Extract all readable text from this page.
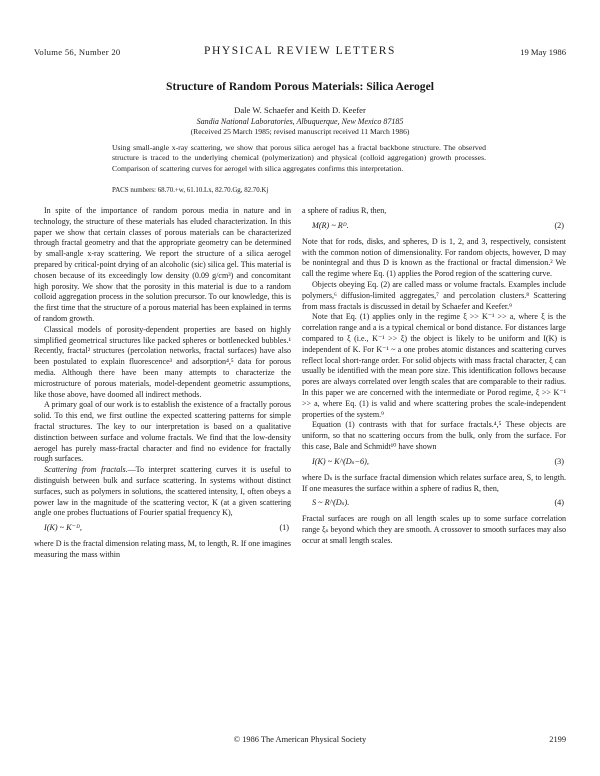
Volume 56, Number 20	PHYSICAL REVIEW LETTERS	19 May 1986
Structure of Random Porous Materials: Silica Aerogel
Dale W. Schaefer and Keith D. Keefer
Sandia National Laboratories, Albuquerque, New Mexico 87185
(Received 25 March 1985; revised manuscript received 11 March 1986)
Using small-angle x-ray scattering, we show that porous silica aerogel has a fractal backbone structure. The observed structure is traced to the underlying chemical (polymerization) and physical (colloid aggregation) growth processes. Comparison of scattering curves for aerogel with silica aggregates confirms this interpretation.
PACS numbers: 68.70.+w, 61.10.Lx, 82.70.Gg, 82.70.Kj

In spite of the importance of random porous media in nature and in technology, the structure of these materials has eluded characterization. In this paper we show that certain classes of porous materials can be characterized through fractal geometry and that the appropriate geometry can be determined by small-angle x-ray scattering. We report the structure of a silica aerogel prepared by critical-point drying of an alcoholic (sic) silica gel. This material is chosen because of its exceedingly low density (0.09 g/cm³) and concomitant high porosity. We show that the porosity in this material is due to a random colloid aggregation process in the solution precursor. To our knowledge, this is the first time that the structure of a porous material has been explained in terms of random growth.

Classical models of porosity-dependent properties are based on highly simplified geometrical structures like packed spheres or bottlenecked bubbles.¹ Recently, fractal² structures (percolation networks, fractal surfaces) have also been postulated to explain fluorescence³ and adsorption⁴,⁵ data for porous media. Although there have been many attempts to characterize the microstructure of porous materials, model-dependent geometric assumptions, like those above, have doomed all indirect methods.

A primary goal of our work is to establish the existence of a fractally porous solid. To this end, we first outline the expected scattering patterns for simple fractal structures. The key to our interpretation is based on a qualitative distinction between surface and volume fractals. We find that the low-density aerogel has purely mass-fractal character and find no evidence for fractally rough surfaces.

Scattering from fractals.—To interpret scattering curves it is useful to distinguish between bulk and surface scattering. In systems without distinct surfaces, such as polymers in solutions, the scattered intensity, I, often obeys a power law in the magnitude of the scattering vector, K (at a given scattering angle one probes fluctuations of Fourier spatial frequency K),

I(K) ~ K⁻ᴰ,	(1)

where D is the fractal dimension relating mass, M, to length, R. If one imagines measuring the mass within

a sphere of radius R, then,

M(R) ~ Rᴰ.	(2)

Note that for rods, disks, and spheres, D is 1, 2, and 3, respectively, consistent with the common notion of dimensionality. For random objects, however, D may be nonintegral and thus D is known as the fractional or fractal dimension.² We call the regime where Eq. (1) applies the Porod region of the scattering curve.

Objects obeying Eq. (2) are called mass or volume fractals. Examples include polymers,⁶ diffusion-limited aggregates,⁷ and percolation clusters.⁸ Scattering from mass fractals is discussed in detail by Schaefer and Keefer.⁹

Note that Eq. (1) applies only in the regime ξ >> K⁻¹ >> a, where ξ is the correlation range and a is a typical chemical or bond distance. For distances large compared to ξ (i.e., K⁻¹ >> ξ) the object is likely to be uniform and I(K) is independent of K. For K⁻¹ ~ a one probes atomic distances and scattering curves reflect local short-range order. For solid objects with mass fractal character, ξ can usually be identified with the mean pore size. This identification follows because pores are always correlated over length scales that are comparable to their radius. In this paper we are concerned with the intermediate or Porod regime, ξ >> K⁻¹ >> a, where Eq. (1) is valid and where scattering probes the scale-independent properties of the system.⁹

Equation (1) contrasts with that for surface fractals.⁴,⁵ These objects are uniform, so that no scattering occurs from the bulk, only from the surface. For this case, Bale and Schmidt¹⁰ have shown

I(K) ~ K^(Dₛ−6),	(3)

where Dₛ is the surface fractal dimension which relates surface area, S, to length. If one measures the surface within a sphere of radius R, then,

S ~ R^(Dₛ).	(4)

Fractal surfaces are rough on all length scales up to some surface correlation range ξₛ beyond which they are smooth. A crossover to smooth surfaces may also occur at small length scales.

© 1986 The American Physical Society	2199
